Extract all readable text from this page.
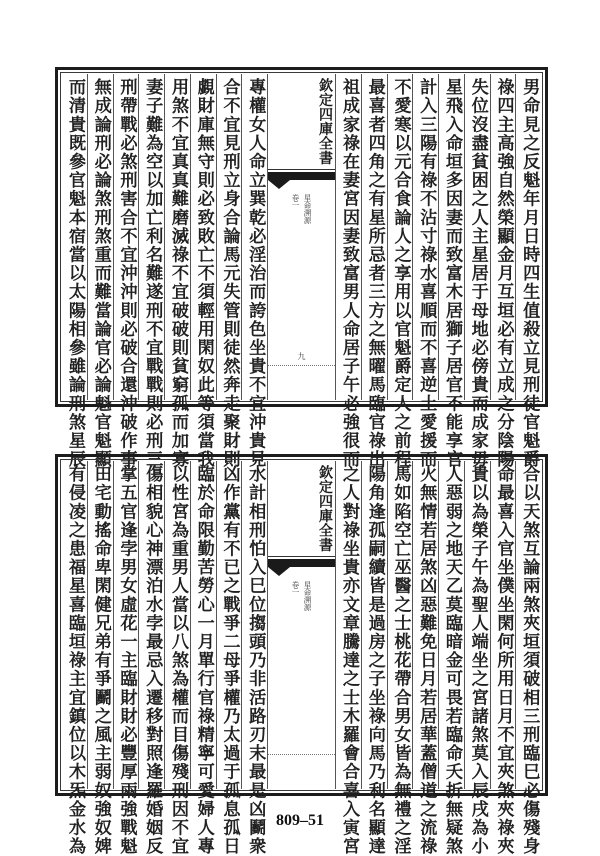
男命見之反魁年月日時四生值殺立見刑徒官魁爵
祿四主高強自然榮顯金月互垣必有立成之分陰陽
失位沒盡貧困之人主星居于母地必傍貴而成家毋
星飛入命垣多因妻而致富木居獅子居官不能享官
計入三陽有祿不沾寸祿水喜順而不喜逆土愛援而
不愛寒以元合食論人之享用以官魁爵定人之前程
最喜者四角之有星所忌者三方之無曜馬臨官祿出
祖成家祿在妻宮因妻致富男人命居子午必強很而
欽定四庫全書
星命溯源
卷一
九
專權女人命立巽乾必淫治而誇色坐貴不宜沖貴見
合不宜見刑立身合論馬元失管則徒然奔走聚財則
覷財庫無守則必致敗亡不須輕用閑奴此等須當我
用煞不宜真真難磨滅祿不宜破破則貧窮孤而加寡
妻子難為空以加亡利名難遂刑不宜戰戰則必刑三
刑帶戰必煞刑害合不宜沖沖則必破合還沖破作事
無成論刑必論煞刑煞重而難當論官必論魁官魁顯
而清貴既參官魁本宿當以太陽相參雖論刑煞星辰
合以天煞互論兩煞夾垣須破相三刑臨巳必傷殘身
命最喜入官坐僕坐閑何所用日月不宜夾煞夾祿夾
貴以為榮子午為聖人端坐之宮諸煞莫入辰戌為小
人惡弱之地天乙莫臨暗金可畏若臨命夭折無疑煞
火無情若居煞凶惡難免日月若居華蓋僧道之流祿
馬如陷空亡巫醫之士桃花帶合男女皆為無禮之淫
陽角逢孤嗣續皆是過房之子坐祿向馬乃利名顯達
之人對祿坐貴亦文章騰達之士木羅會合喜入寅宮
欽定四庫全書
星命溯源
卷一
水計相刑怕入巳位搊頭乃非活路刃末最是凶鬬衆
凶作黨有不已之戰爭二母爭權乃太過于孤息孤日
臨於命限勤苦勞心一月單行官祿精寧可愛婦人專
以性宮為重男人當以八煞為權而目傷殘刑因不宜
傷相貌心神漂泊水孛最忌入遷移對照逢羅婚姻反
掌五官逢孛男女虛花一主臨財財必豐厚兩強戰魁
田宅動搖命卑閑健兄弟有爭鬬之風主弱奴強奴婢
有侵凌之患福星喜臨垣祿主宜鎮位以木炁金水為	809–51
